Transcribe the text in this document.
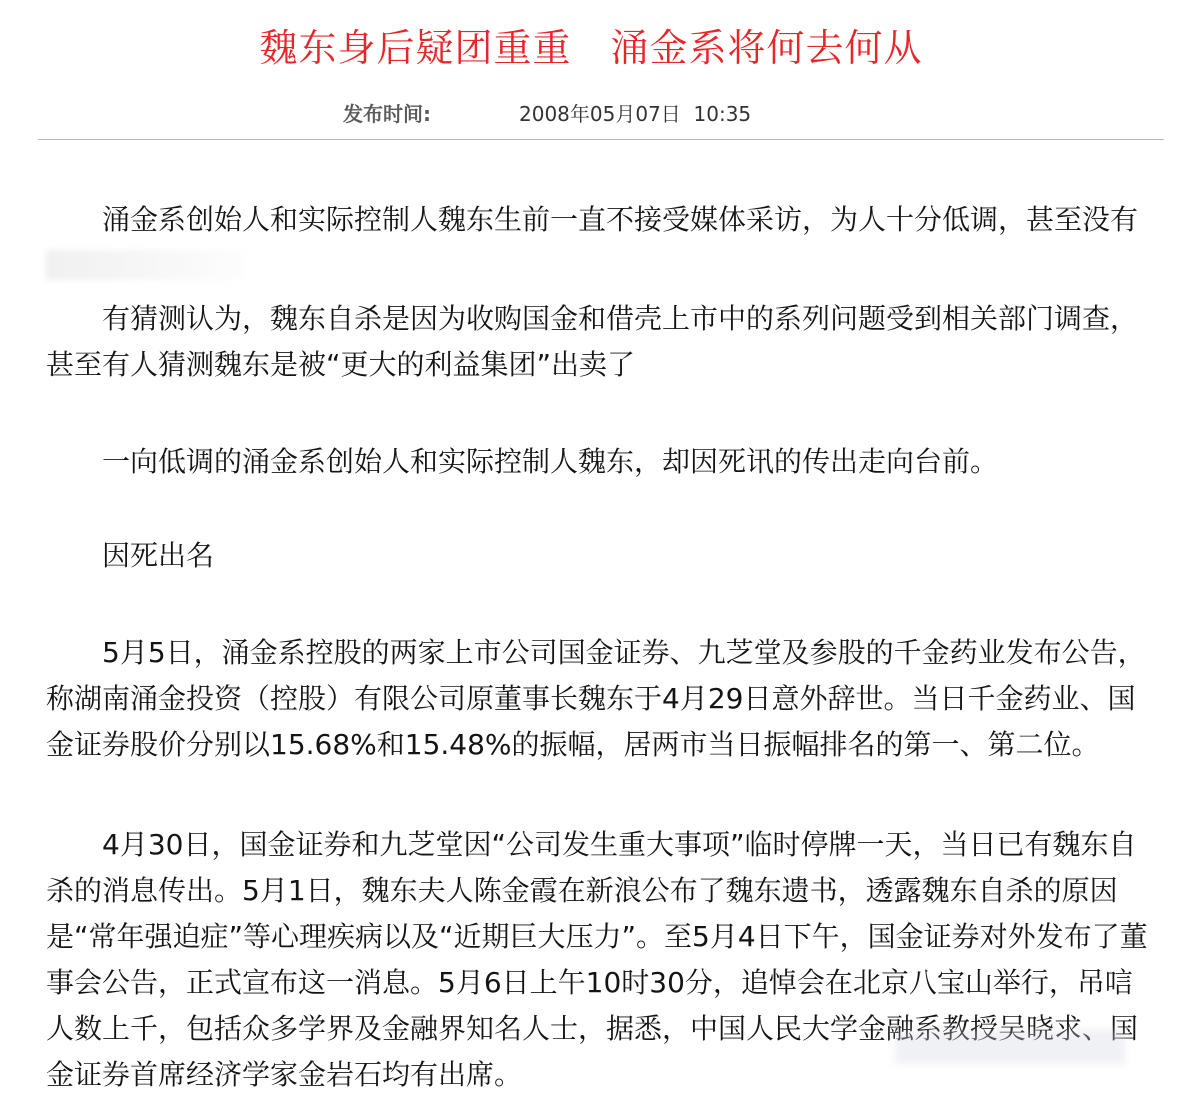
魏东身后疑团重重　涌金系将何去何从
发布时间:	2008年05月07日  10:35
涌金系创始人和实际控制人魏东生前一直不接受媒体采访，为人十分低调，甚至没有
有猜测认为，魏东自杀是因为收购国金和借壳上市中的系列问题受到相关部门调查，甚至有人猜测魏东是被“更大的利益集团”出卖了
一向低调的涌金系创始人和实际控制人魏东，却因死讯的传出走向台前。
因死出名
5月5日，涌金系控股的两家上市公司国金证券、九芝堂及参股的千金药业发布公告，称湖南涌金投资（控股）有限公司原董事长魏东于4月29日意外辞世。当日千金药业、国金证券股价分别以15.68%和15.48%的振幅，居两市当日振幅排名的第一、第二位。
4月30日，国金证券和九芝堂因“公司发生重大事项”临时停牌一天，当日已有魏东自杀的消息传出。5月1日，魏东夫人陈金霞在新浪公布了魏东遗书，透露魏东自杀的原因是“常年强迫症”等心理疾病以及“近期巨大压力”。至5月4日下午，国金证券对外发布了董事会公告，正式宣布这一消息。5月6日上午10时30分，追悼会在北京八宝山举行，吊唁人数上千，包括众多学界及金融界知名人士，据悉，中国人民大学金融系教授吴晓求、国金证券首席经济学家金岩石均有出席。
